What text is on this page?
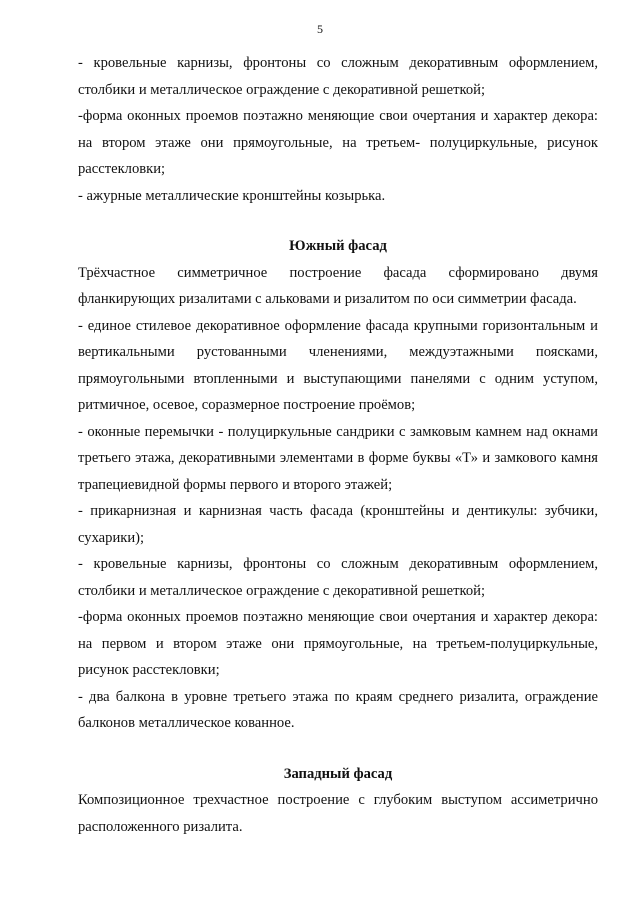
5

- кровельные карнизы, фронтоны со сложным декоративным оформлением, столбики и металлическое ограждение с декоративной решеткой;

-форма оконных проемов поэтажно меняющие свои очертания и характер декора: на втором этаже они прямоугольные, на третьем- полуциркульные, рисунок расстекловки;

- ажурные металлические кронштейны козырька.

Южный фасад

Трёхчастное симметричное построение фасада сформировано двумя фланкирующих ризалитами с альковами и ризалитом по оси симметрии фасада.

- единое стилевое декоративное оформление фасада крупными горизонтальным и вертикальными рустованными членениями, междуэтажными поясками, прямоугольными втопленными и выступающими панелями с одним уступом, ритмичное, осевое, соразмерное построение проёмов;

- оконные перемычки - полуциркульные сандрики с замковым камнем над окнами третьего этажа, декоративными элементами в форме буквы «Т» и замкового камня трапециевидной формы первого и второго этажей;

- прикарнизная и карнизная часть фасада (кронштейны и дентикулы: зубчики, сухарики);

- кровельные карнизы, фронтоны со сложным декоративным оформлением, столбики и металлическое ограждение с декоративной решеткой;

-форма оконных проемов поэтажно меняющие свои очертания и характер декора: на первом и втором этаже они прямоугольные, на третьем-полуциркульные, рисунок расстекловки;

- два балкона в уровне третьего этажа по краям среднего ризалита, ограждение балконов металлическое кованное.

Западный фасад

Композиционное трехчастное построение с глубоким выступом ассиметрично расположенного ризалита.
